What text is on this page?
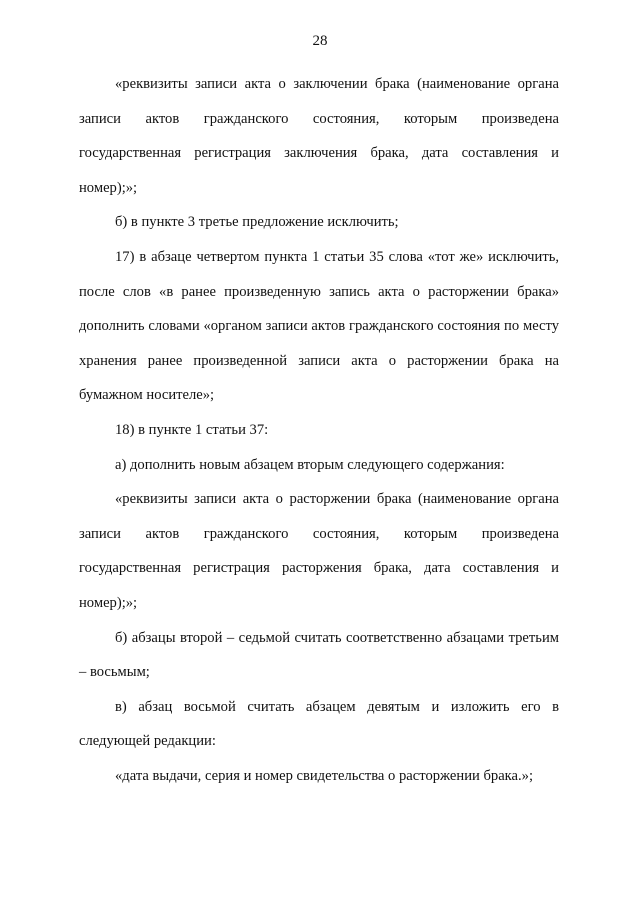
28

«реквизиты записи акта о заключении брака (наименование органа записи актов гражданского состояния, которым произведена государственная регистрация заключения брака, дата составления и номер);»;

б) в пункте 3 третье предложение исключить;

17) в абзаце четвертом пункта 1 статьи 35 слова «тот же» исключить, после слов «в ранее произведенную запись акта о расторжении брака» дополнить словами «органом записи актов гражданского состояния по месту хранения ранее произведенной записи акта о расторжении брака на бумажном носителе»;

18) в пункте 1 статьи 37:

а) дополнить новым абзацем вторым следующего содержания:

«реквизиты записи акта о расторжении брака (наименование органа записи актов гражданского состояния, которым произведена государственная регистрация расторжения брака, дата составления и номер);»;

б) абзацы второй – седьмой считать соответственно абзацами третьим – восьмым;

в) абзац восьмой считать абзацем девятым и изложить его в следующей редакции:

«дата выдачи, серия и номер свидетельства о расторжении брака.»;
